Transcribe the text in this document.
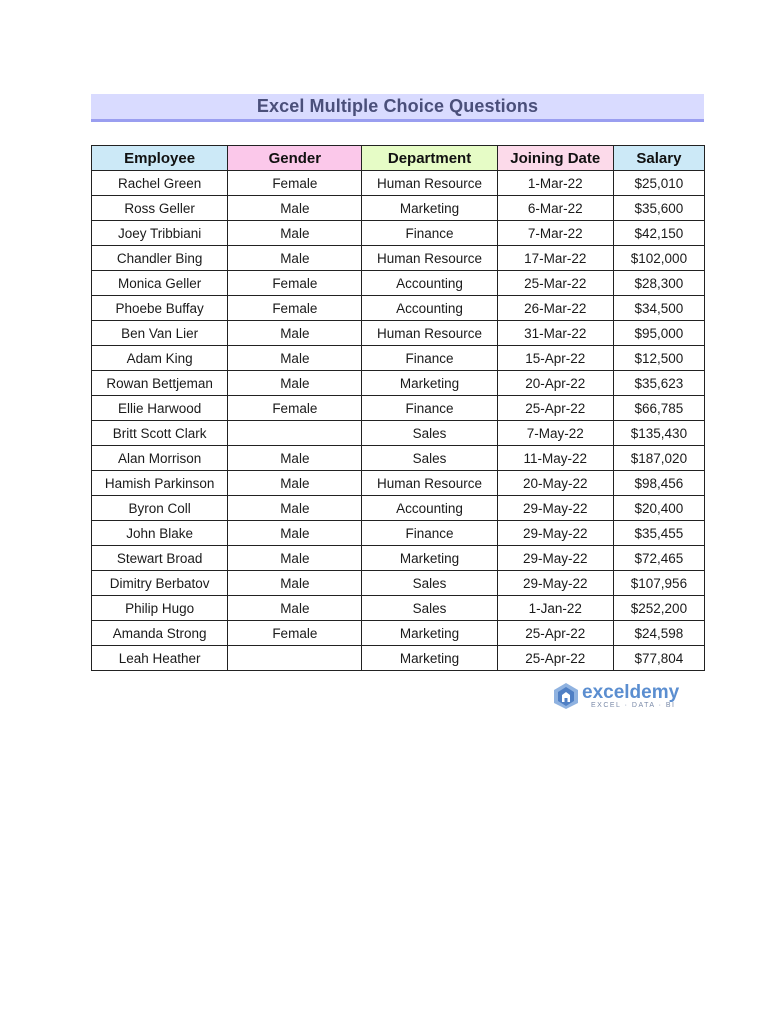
Excel Multiple Choice Questions
Employee	Gender	Department	Joining Date	Salary
Rachel Green	Female	Human Resource	1-Mar-22	$25,010
Ross Geller	Male	Marketing	6-Mar-22	$35,600
Joey Tribbiani	Male	Finance	7-Mar-22	$42,150
Chandler Bing	Male	Human Resource	17-Mar-22	$102,000
Monica Geller	Female	Accounting	25-Mar-22	$28,300
Phoebe Buffay	Female	Accounting	26-Mar-22	$34,500
Ben Van Lier	Male	Human Resource	31-Mar-22	$95,000
Adam King	Male	Finance	15-Apr-22	$12,500
Rowan Bettjeman	Male	Marketing	20-Apr-22	$35,623
Ellie Harwood	Female	Finance	25-Apr-22	$66,785
Britt Scott Clark		Sales	7-May-22	$135,430
Alan Morrison	Male	Sales	11-May-22	$187,020
Hamish Parkinson	Male	Human Resource	20-May-22	$98,456
Byron Coll	Male	Accounting	29-May-22	$20,400
John Blake	Male	Finance	29-May-22	$35,455
Stewart Broad	Male	Marketing	29-May-22	$72,465
Dimitry Berbatov	Male	Sales	29-May-22	$107,956
Philip Hugo	Male	Sales	1-Jan-22	$252,200
Amanda Strong	Female	Marketing	25-Apr-22	$24,598
Leah Heather		Marketing	25-Apr-22	$77,804
exceldemy
EXCEL · DATA · BI
